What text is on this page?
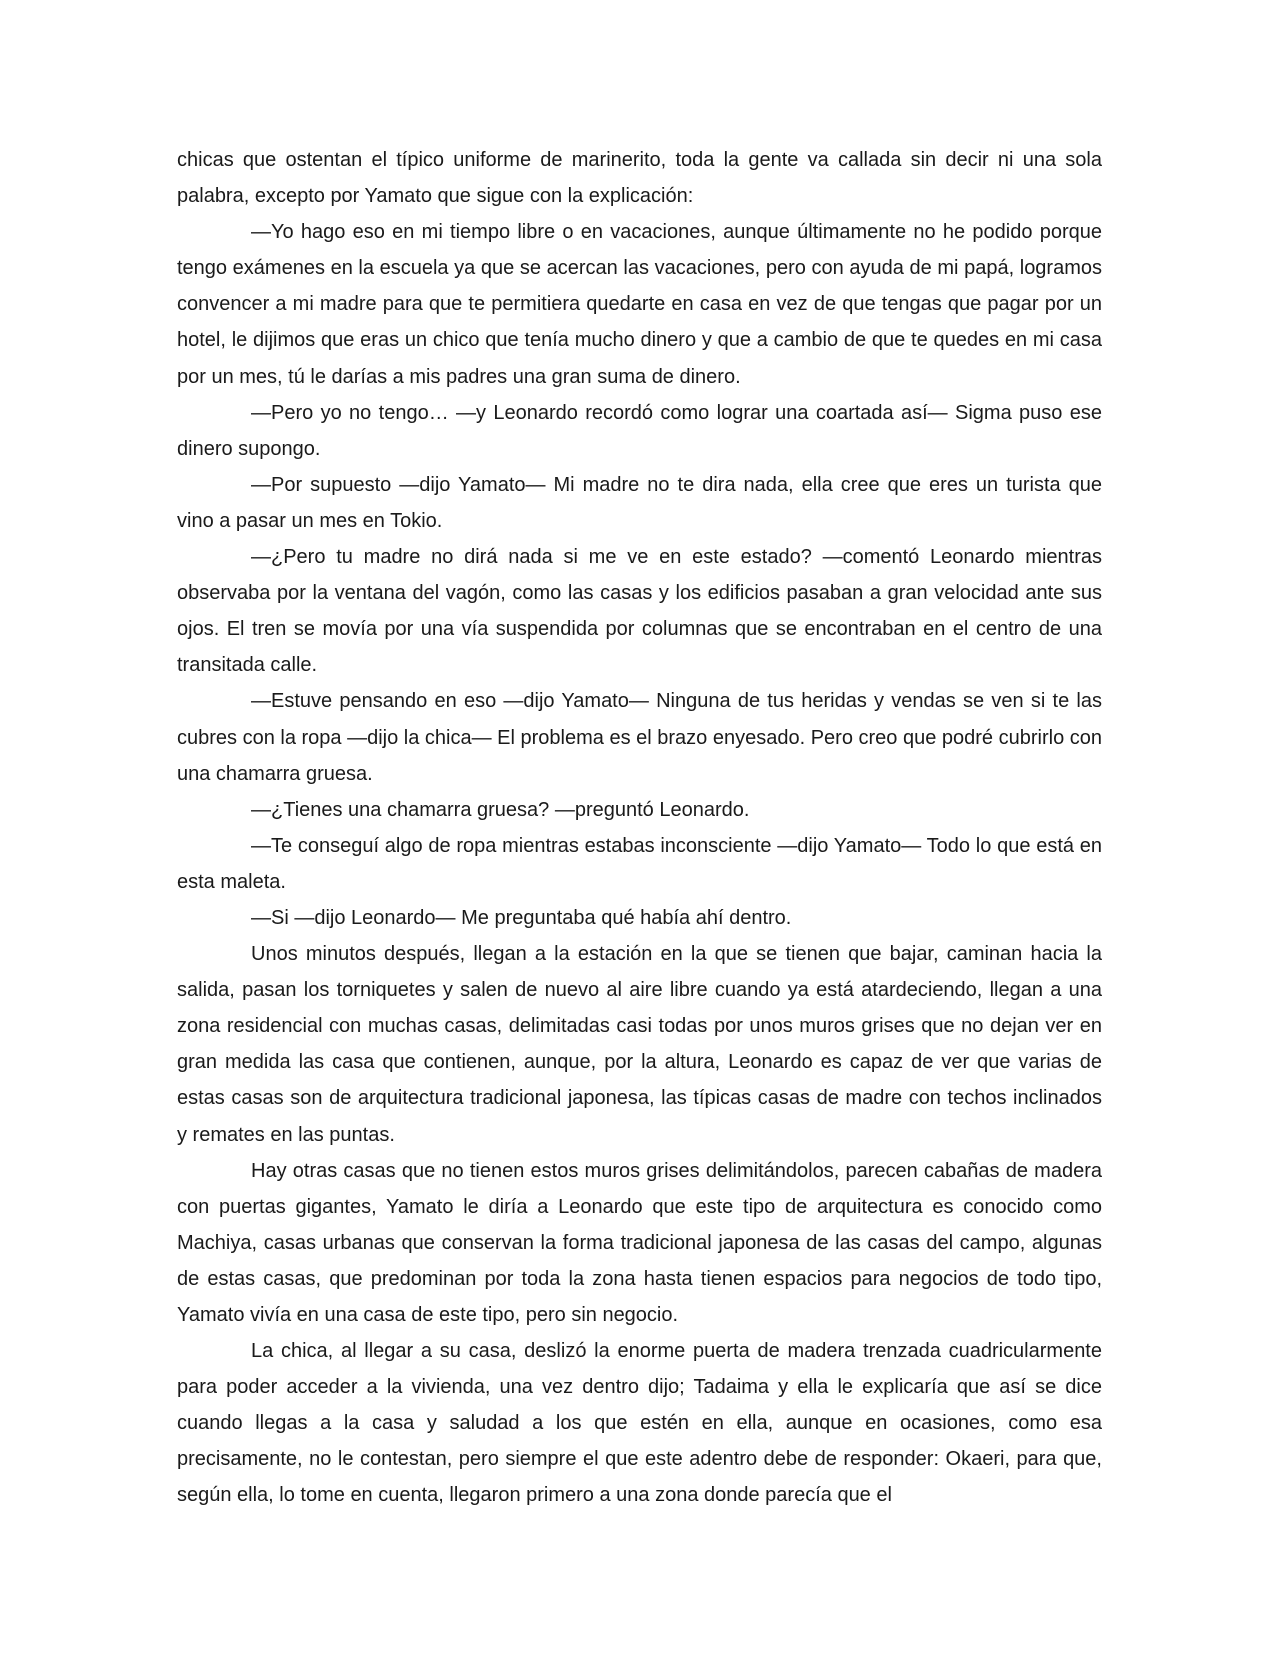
chicas que ostentan el típico uniforme de marinerito, toda la gente va callada sin decir ni una sola palabra, excepto por Yamato que sigue con la explicación:

—Yo hago eso en mi tiempo libre o en vacaciones, aunque últimamente no he podido porque tengo exámenes en la escuela ya que se acercan las vacaciones, pero con ayuda de mi papá, logramos convencer a mi madre para que te permitiera quedarte en casa en vez de que tengas que pagar por un hotel, le dijimos que eras un chico que tenía mucho dinero y que a cambio de que te quedes en mi casa por un mes, tú le darías a mis padres una gran suma de dinero.

—Pero yo no tengo… —y Leonardo recordó como lograr una coartada así— Sigma puso ese dinero supongo.

—Por supuesto —dijo Yamato— Mi madre no te dira nada, ella cree que eres un turista que vino a pasar un mes en Tokio.

—¿Pero tu madre no dirá nada si me ve en este estado? —comentó Leonardo mientras observaba por la ventana del vagón, como las casas y los edificios pasaban a gran velocidad ante sus ojos. El tren se movía por una vía suspendida por columnas que se encontraban en el centro de una transitada calle.

—Estuve pensando en eso —dijo Yamato— Ninguna de tus heridas y vendas se ven si te las cubres con la ropa —dijo la chica— El problema es el brazo enyesado. Pero creo que podré cubrirlo con una chamarra gruesa.

—¿Tienes una chamarra gruesa? —preguntó Leonardo.

—Te conseguí algo de ropa mientras estabas inconsciente —dijo Yamato— Todo lo que está en esta maleta.

—Si —dijo Leonardo— Me preguntaba qué había ahí dentro.

Unos minutos después, llegan a la estación en la que se tienen que bajar, caminan hacia la salida, pasan los torniquetes y salen de nuevo al aire libre cuando ya está atardeciendo, llegan a una zona residencial con muchas casas, delimitadas casi todas por unos muros grises que no dejan ver en gran medida las casa que contienen, aunque, por la altura, Leonardo es capaz de ver que varias de estas casas son de arquitectura tradicional japonesa, las típicas casas de madre con techos inclinados y remates en las puntas.

Hay otras casas que no tienen estos muros grises delimitándolos, parecen cabañas de madera con puertas gigantes, Yamato le diría a Leonardo que este tipo de arquitectura es conocido como Machiya, casas urbanas que conservan la forma tradicional japonesa de las casas del campo, algunas de estas casas, que predominan por toda la zona hasta tienen espacios para negocios de todo tipo, Yamato vivía en una casa de este tipo, pero sin negocio.

La chica, al llegar a su casa, deslizó la enorme puerta de madera trenzada cuadricularmente para poder acceder a la vivienda, una vez dentro dijo; Tadaima y ella le explicaría que así se dice cuando llegas a la casa y saludad a los que estén en ella, aunque en ocasiones, como esa precisamente, no le contestan, pero siempre el que este adentro debe de responder: Okaeri, para que, según ella, lo tome en cuenta, llegaron primero a una zona donde parecía que el
